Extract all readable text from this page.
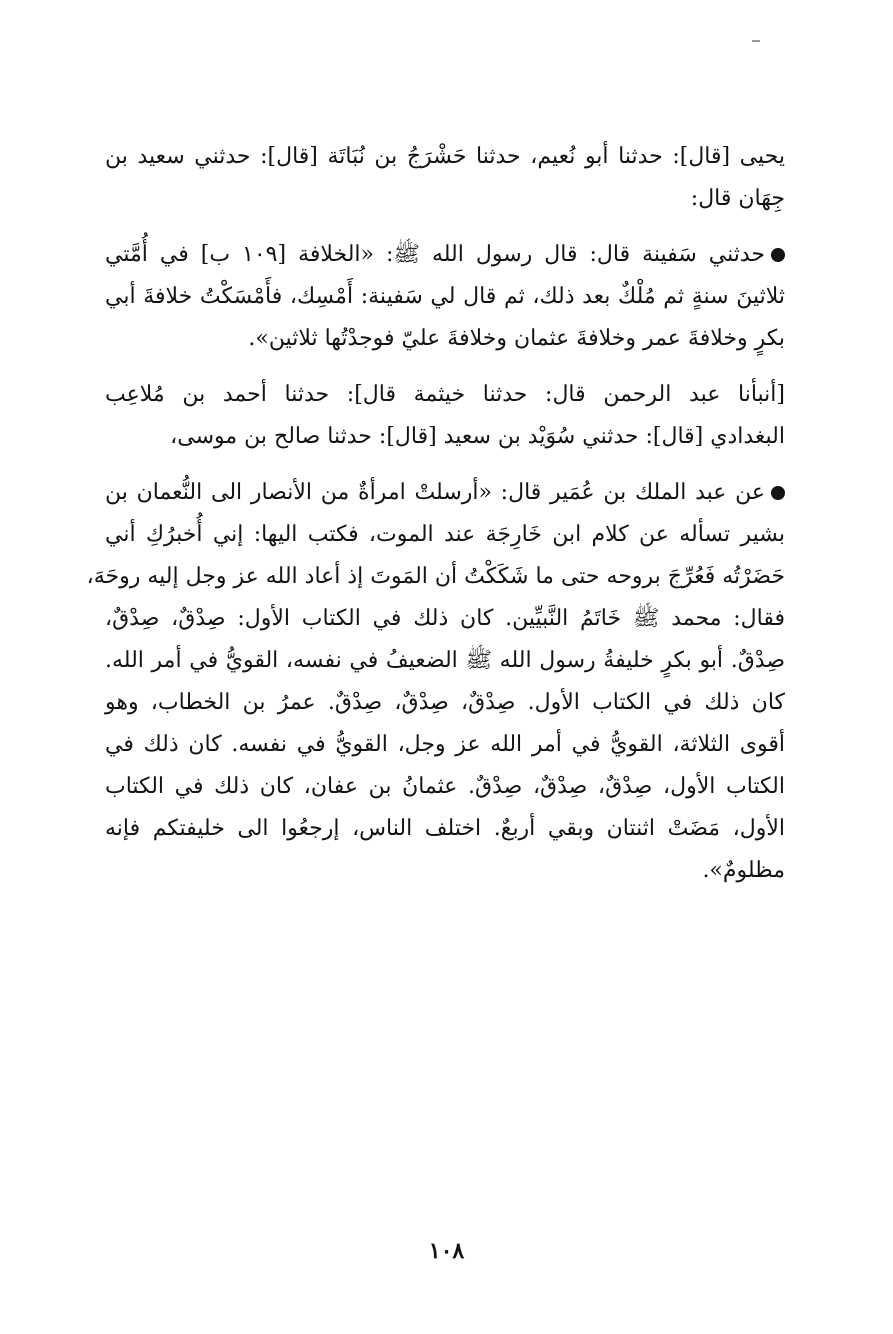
يحيى [قال]: حدثنا أبو نُعيم، حدثنا حَشْرَجُ بن نُبَاتَة [قال]: حدثني سعيد بن
جِهَان قال:
حدثني سَفينة قال: قال رسول الله ﷺ: «الخلافة [١٠٩ ب] في أُمَّتي
ثلاثينَ سنةٍ ثم مُلْكٌ بعد ذلك، ثم قال لي سَفينة: أَمْسِك، فأَمْسَكْتُ خلافةَ أبي
بكرٍ وخلافةَ عمر وخلافةَ عثمان وخلافةَ عليّ فوجدْتُها ثلاثين».
[أنبأنا عبد الرحمن قال: حدثنا خيثمة قال]: حدثنا أحمد بن مُلاعِب
البغدادي [قال]: حدثني سُوَيْد بن سعيد [قال]: حدثنا صالح بن موسى،
عن عبد الملك بن عُمَير قال: «أرسلتْ امرأةٌ من الأنصار الى النُّعمان بن
بشير تسأله عن كلام ابن خَارِجَة عند الموت، فكتب اليها: إني أُخبرُكِ أني
حَضَرْتُه فَعُرِّجَ بروحه حتى ما شَكَكْتُ أن المَوتَ إذ أعاد الله عز وجل إليه روحَهَ،
فقال: محمد ﷺ خَاتَمُ النَّبيِّين. كان ذلك في الكتاب الأول: صِدْقٌ، صِدْقٌ،
صِدْقٌ. أبو بكرٍ خليفةُ رسول الله ﷺ الضعيفُ في نفسه، القويُّ في أمر الله.
كان ذلك في الكتاب الأول. صِدْقٌ، صِدْقٌ، صِدْقٌ. عمرُ بن الخطاب، وهو
أقوى الثلاثة، القويُّ في أمر الله عز وجل، القويُّ في نفسه. كان ذلك في
الكتاب الأول، صِدْقٌ، صِدْقٌ، صِدْقٌ. عثمانُ بن عفان، كان ذلك في الكتاب
الأول، مَضَتْ اثنتان وبقي أربعٌ. اختلف الناس، إرجعُوا الى خليفتكم فإنه
مظلومٌ».
١٠٨
